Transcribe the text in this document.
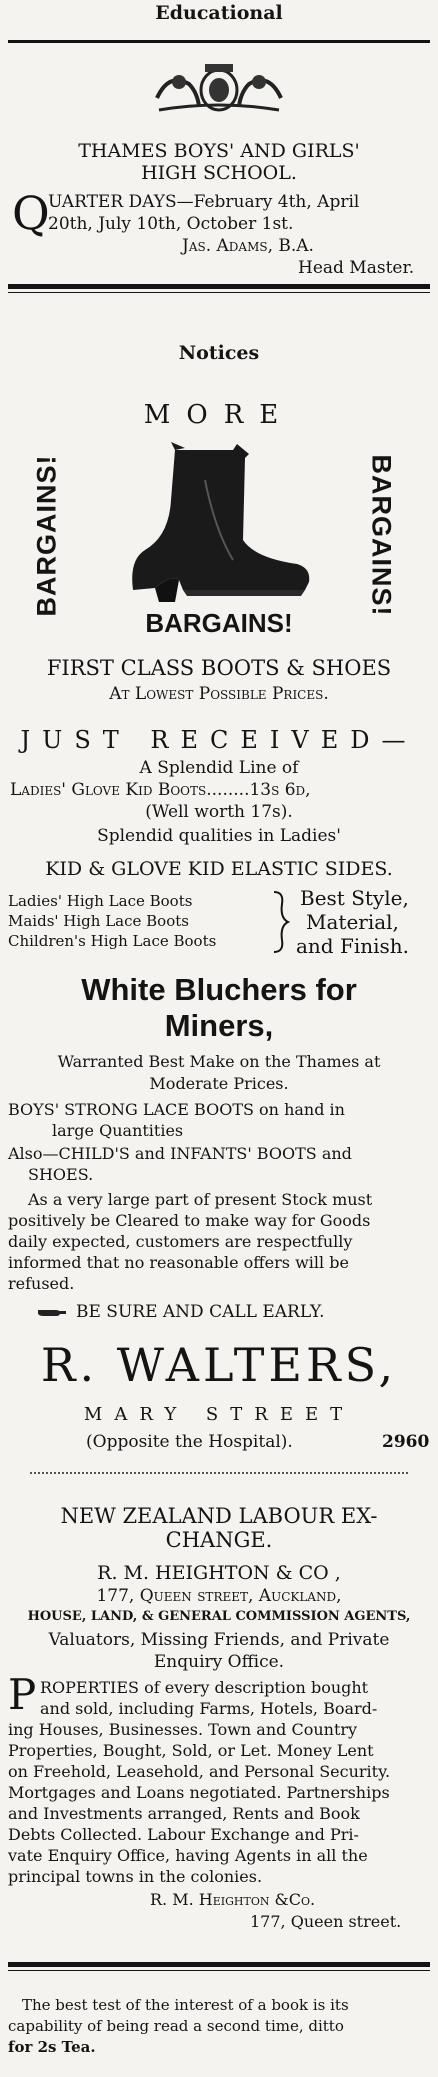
Educational
THAMES BOYS' AND GIRLS'
HIGH SCHOOL.
Q
UARTER DAYS—February 4th, April
20th, July 10th, October 1st.
Jas. Adams, B.A.
Head Master.
Notices
MORE
BARGAINS!	BARGAINS!
BARGAINS!
FIRST CLASS BOOTS & SHOES
At Lowest Possible Prices.
JUST RECEIVED—
A Splendid Line of
Ladies' Glove Kid Boots........13s 6d,
(Well worth 17s).
Splendid qualities in Ladies'
KID & GLOVE KID ELASTIC SIDES.
Ladies' High Lace Boots
Maids' High Lace Boots
Children's High Lace Boots
Best Style,
Material,
and Finish.
White Bluchers for
Miners,
Warranted Best Make on the Thames at
Moderate Prices.
BOYS' STRONG LACE BOOTS on hand in
large Quantities
Also—CHILD'S and INFANTS' BOOTS and
SHOES.
As a very large part of present Stock must
positively be Cleared to make way for Goods
daily expected, customers are respectfully
informed that no reasonable offers will be
refused.
BE SURE AND CALL EARLY.
R. WALTERS,
MARY STREET
(Opposite the Hospital).	2960
NEW ZEALAND LABOUR EX-
CHANGE.
R. M. HEIGHTON & CO ,
177, Queen street, Auckland,
HOUSE, LAND, & GENERAL COMMISSION AGENTS,
Valuators, Missing Friends, and Private
Enquiry Office.
P ROPERTIES of every description bought
and sold, including Farms, Hotels, Board-
ing Houses, Businesses. Town and Country
Properties, Bought, Sold, or Let. Money Lent
on Freehold, Leasehold, and Personal Security.
Mortgages and Loans negotiated. Partnerships
and Investments arranged, Rents and Book
Debts Collected. Labour Exchange and Pri-
vate Enquiry Office, having Agents in all the
principal towns in the colonies.
R. M. Heighton &Co.
177, Queen street.
The best test of the interest of a book is its
capability of being read a second time, ditto
for 2s Tea.
